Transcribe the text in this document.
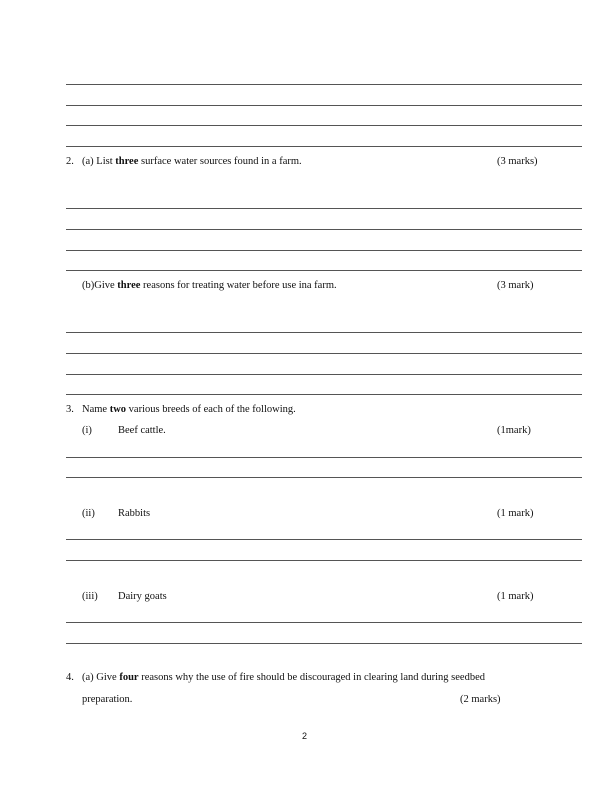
2. (a) List three surface water sources found in a farm.	(3 marks)
(b)Give three reasons for treating water before use ina farm.	(3 mark)
3. Name two various breeds of each of the following.
(i) Beef cattle.	(1mark)
(ii) Rabbits	(1 mark)
(iii) Dairy goats	(1 mark)
4. (a) Give four reasons why the use of fire should be discouraged in clearing land during seedbed
preparation.	(2 marks)
2
